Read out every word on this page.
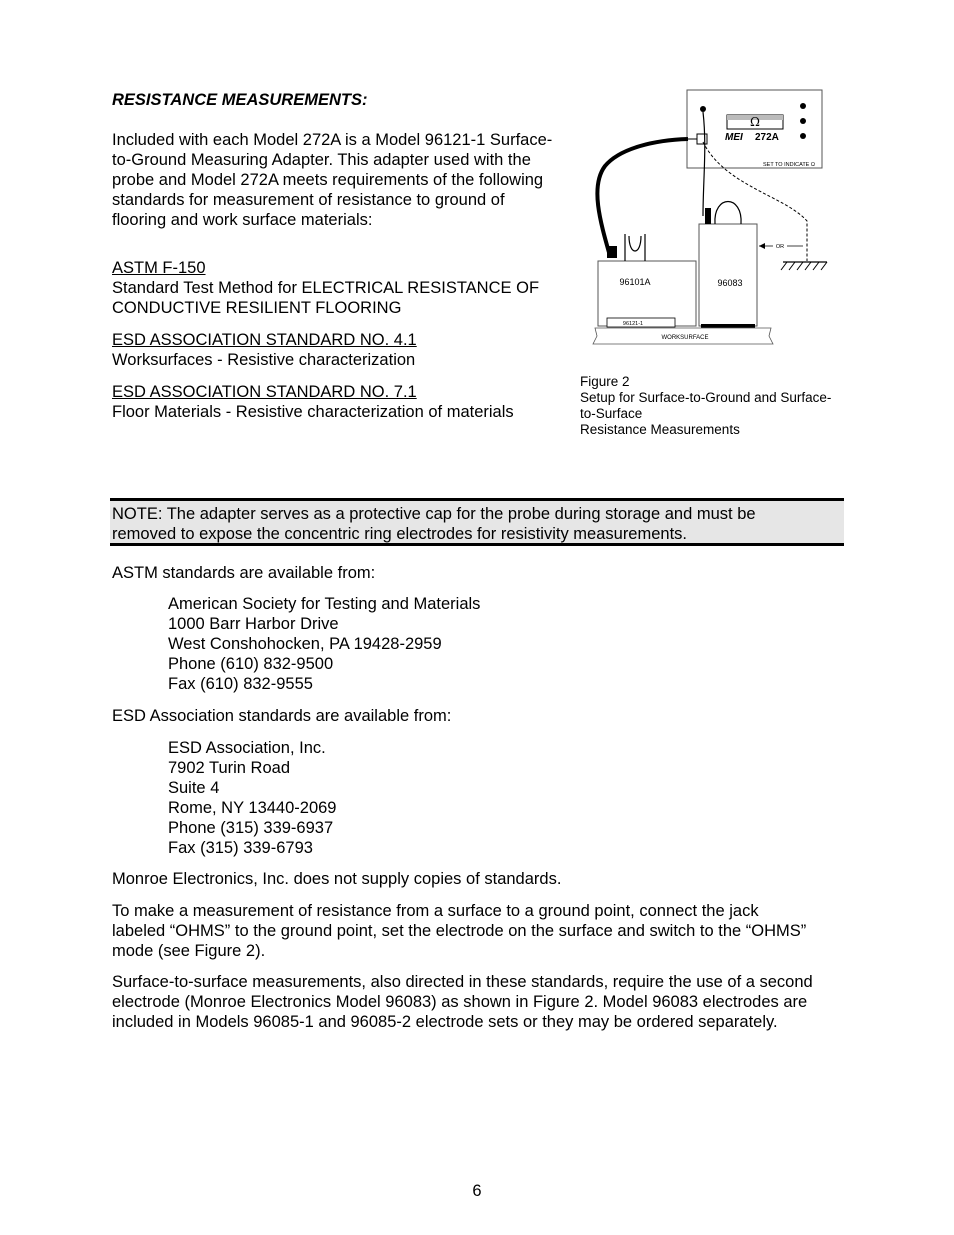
RESISTANCE MEASUREMENTS:
Included with each Model 272A is a Model 96121-1 Surface-
to-Ground Measuring Adapter. This adapter used with the
probe and Model 272A meets requirements of the following
standards for measurement of resistance to ground of
flooring and work surface materials:
ASTM F-150
Standard Test Method for ELECTRICAL RESISTANCE OF
CONDUCTIVE RESILIENT FLOORING
ESD ASSOCIATION STANDARD NO. 4.1
Worksurfaces - Resistive characterization
ESD ASSOCIATION STANDARD NO. 7.1
Floor Materials - Resistive characterization of materials
Ω
MEI 272A
SET TO INDICATE Ω
OR
96101A
96121-1
96083
WORKSURFACE
Figure 2
Setup for Surface-to-Ground and Surface-
to-Surface
Resistance Measurements
NOTE: The adapter serves as a protective cap for the probe during storage and must be
removed to expose the concentric ring electrodes for resistivity measurements.
ASTM standards are available from:
American Society for Testing and Materials
1000 Barr Harbor Drive
West Conshohocken, PA 19428-2959
Phone (610) 832-9500
Fax (610) 832-9555
ESD Association standards are available from:
ESD Association, Inc.
7902 Turin Road
Suite 4
Rome, NY 13440-2069
Phone (315) 339-6937
Fax (315) 339-6793
Monroe Electronics, Inc. does not supply copies of standards.
To make a measurement of resistance from a surface to a ground point, connect the jack
labeled “OHMS” to the ground point, set the electrode on the surface and switch to the “OHMS”
mode (see Figure 2).
Surface-to-surface measurements, also directed in these standards, require the use of a second
electrode (Monroe Electronics Model 96083) as shown in Figure 2. Model 96083 electrodes are
included in Models 96085-1 and 96085-2 electrode sets or they may be ordered separately.
6
